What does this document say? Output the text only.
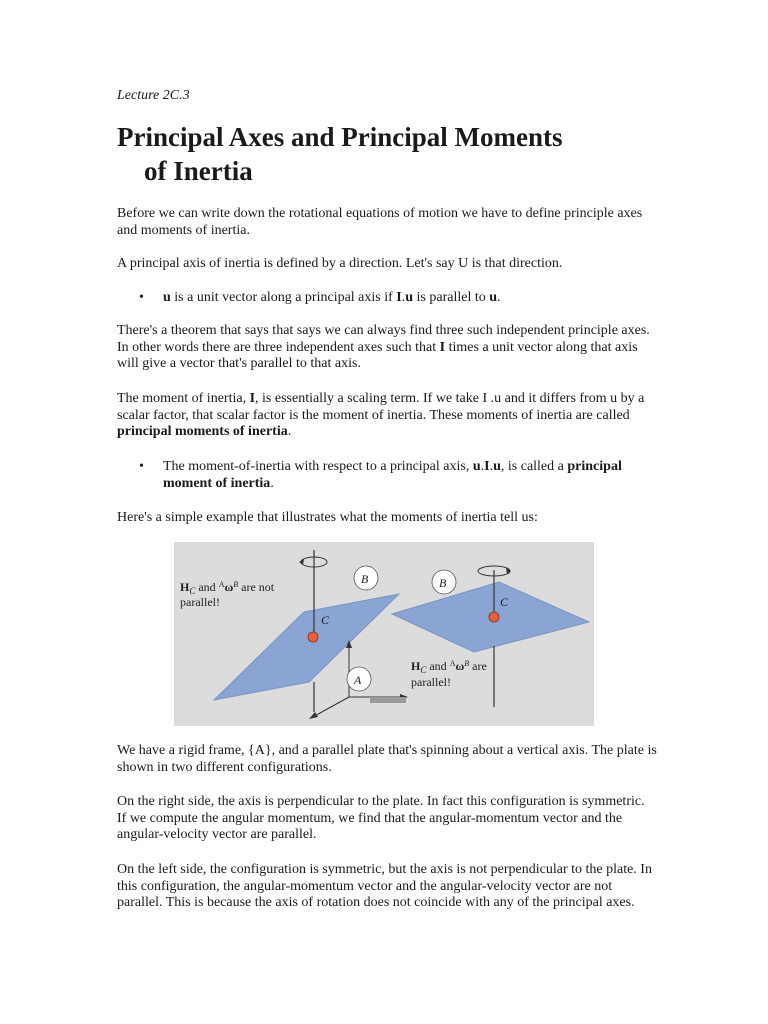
Lecture 2C.3
Principal Axes and Principal Moments
of Inertia

Before we can write down the rotational equations of motion we have to define principle axes and moments of inertia.

A principal axis of inertia is defined by a direction. Let's say U is that direction.

• u is a unit vector along a principal axis if I.u is parallel to u.

There's a theorem that says that says we can always find three such independent principle axes. In other words there are three independent axes such that I times a unit vector along that axis will give a vector that's parallel to that axis.

The moment of inertia, I, is essentially a scaling term. If we take I .u and it differs from u by a scalar factor, that scalar factor is the moment of inertia. These moments of inertia are called principal moments of inertia.

• The moment-of-inertia with respect to a principal axis, u.I.u, is called a principal moment of inertia.

Here's a simple example that illustrates what the moments of inertia tell us:

C
B
$H_C$ and $^A\omega^B$ are not
parallel!
A
C
B
$H_C$ and $^A\omega^B$ are
parallel!

We have a rigid frame, {A}, and a parallel plate that's spinning about a vertical axis. The plate is shown in two different configurations.

On the right side, the axis is perpendicular to the plate. In fact this configuration is symmetric. If we compute the angular momentum, we find that the angular-momentum vector and the angular-velocity vector are parallel.

On the left side, the configuration is symmetric, but the axis is not perpendicular to the plate. In this configuration, the angular-momentum vector and the angular-velocity vector are not parallel. This is because the axis of rotation does not coincide with any of the principal axes.
